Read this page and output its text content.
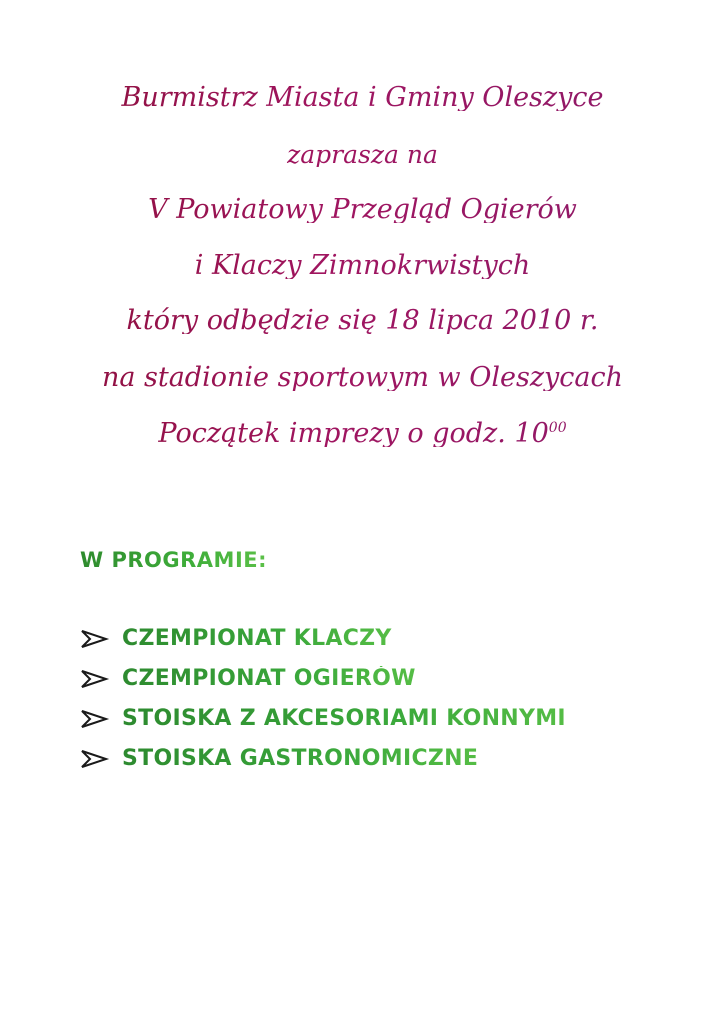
Burmistrz Miasta i Gminy Oleszyce
zaprasza na
V Powiatowy Przegląd Ogierów
i Klaczy Zimnokrwistych
który odbędzie się 18 lipca 2010 r.
na stadionie sportowym w Oleszycach
Początek imprezy o godz. $10^{00}$
W PROGRAMIE:
CZEMPIONAT KLACZY
CZEMPIONAT OGIERÓW
STOISKA Z AKCESORIAMI KONNYMI
STOISKA GASTRONOMICZNE
